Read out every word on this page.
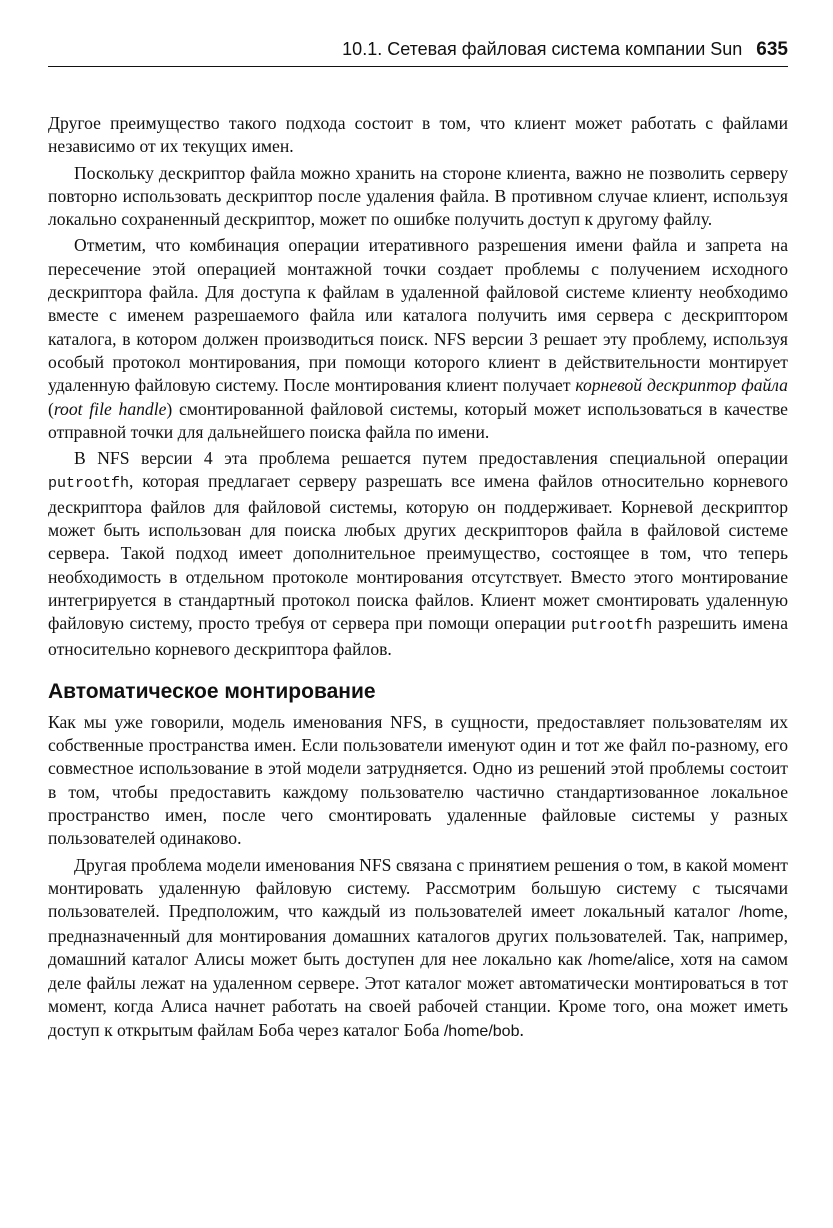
10.1. Сетевая файловая система компании Sun 635

Другое преимущество такого подхода состоит в том, что клиент может работать с файлами независимо от их текущих имен.

Поскольку дескриптор файла можно хранить на стороне клиента, важно не позволить серверу повторно использовать дескриптор после удаления файла. В противном случае клиент, используя локально сохраненный дескриптор, может по ошибке получить доступ к другому файлу.

Отметим, что комбинация операции итеративного разрешения имени файла и запрета на пересечение этой операцией монтажной точки создает проблемы с получением исходного дескриптора файла. Для доступа к файлам в удаленной файловой системе клиенту необходимо вместе с именем разрешаемого файла или каталога получить имя сервера с дескриптором каталога, в котором должен производиться поиск. NFS версии 3 решает эту проблему, используя особый протокол монтирования, при помощи которого клиент в действительности монтирует удаленную файловую систему. После монтирования клиент получает корневой дескриптор файла (root file handle) смонтированной файловой системы, который может использоваться в качестве отправной точки для дальнейшего поиска файла по имени.

В NFS версии 4 эта проблема решается путем предоставления специальной операции putrootfh, которая предлагает серверу разрешать все имена файлов относительно корневого дескриптора файлов для файловой системы, которую он поддерживает. Корневой дескриптор может быть использован для поиска любых других дескрипторов файла в файловой системе сервера. Такой подход имеет дополнительное преимущество, состоящее в том, что теперь необходимость в отдельном протоколе монтирования отсутствует. Вместо этого монтирование интегрируется в стандартный протокол поиска файлов. Клиент может смонтировать удаленную файловую систему, просто требуя от сервера при помощи операции putrootfh разрешить имена относительно корневого дескриптора файлов.

Автоматическое монтирование

Как мы уже говорили, модель именования NFS, в сущности, предоставляет пользователям их собственные пространства имен. Если пользователи именуют один и тот же файл по-разному, его совместное использование в этой модели затрудняется. Одно из решений этой проблемы состоит в том, чтобы предоставить каждому пользователю частично стандартизованное локальное пространство имен, после чего смонтировать удаленные файловые системы у разных пользователей одинаково.

Другая проблема модели именования NFS связана с принятием решения о том, в какой момент монтировать удаленную файловую систему. Рассмотрим большую систему с тысячами пользователей. Предположим, что каждый из пользователей имеет локальный каталог /home, предназначенный для монтирования домашних каталогов других пользователей. Так, например, домашний каталог Алисы может быть доступен для нее локально как /home/alice, хотя на самом деле файлы лежат на удаленном сервере. Этот каталог может автоматически монтироваться в тот момент, когда Алиса начнет работать на своей рабочей станции. Кроме того, она может иметь доступ к открытым файлам Боба через каталог Боба /home/bob.
